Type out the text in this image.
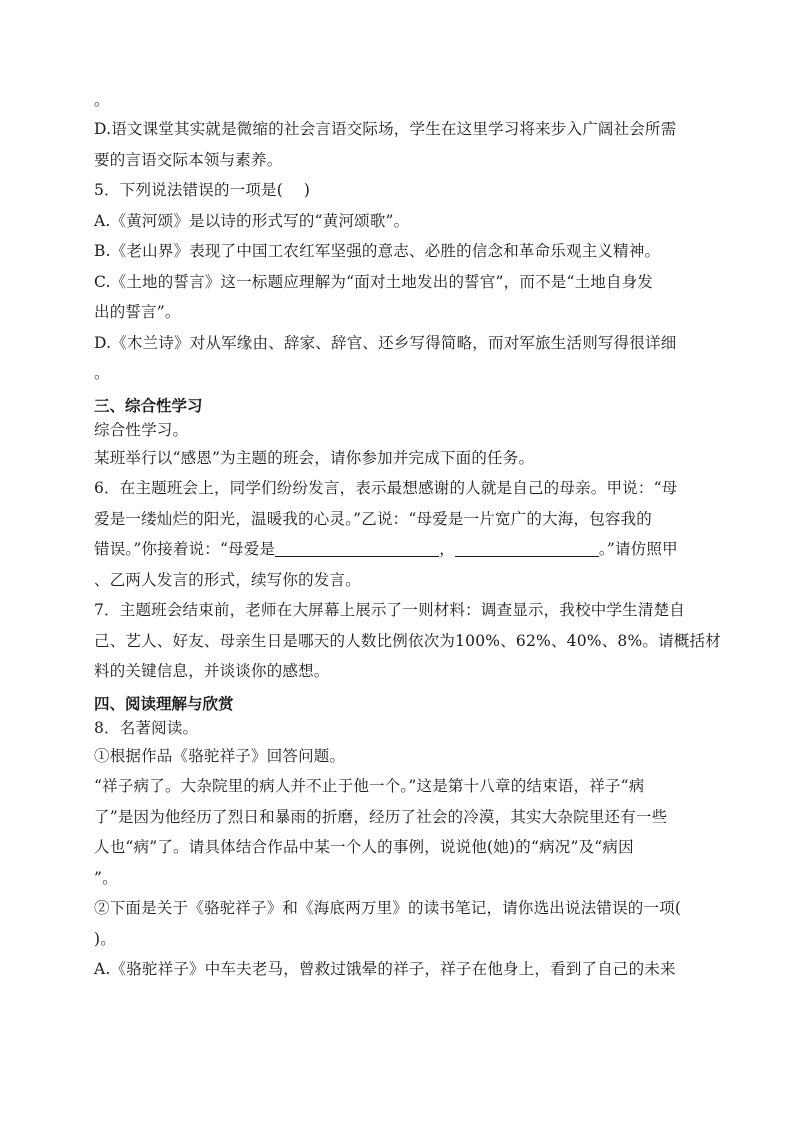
。
D.语文课堂其实就是微缩的社会言语交际场，学生在这里学习将来步入广阔社会所需
要的言语交际本领与素养。
5．下列说法错误的一项是(　 )
A.《黄河颂》是以诗的形式写的“黄河颂歌”。
B.《老山界》表现了中国工农红军坚强的意志、必胜的信念和革命乐观主义精神。
C.《土地的誓言》这一标题应理解为“面对土地发出的誓官”，而不是“土地自身发
出的誓言”。
D.《木兰诗》对从军缘由、辞家、辞官、还乡写得简略，而对军旅生活则写得很详细
。
三、综合性学习
综合性学习。
某班举行以“感恩”为主题的班会，请你参加并完成下面的任务。
6．在主题班会上，同学们纷纷发言，表示最想感谢的人就是自己的母亲。甲说：“母
爱是一缕灿烂的阳光，温暖我的心灵。”乙说：“母爱是一片宽广的大海，包容我的
错误。”你接着说：“母爱是	，	。”请仿照甲
、乙两人发言的形式，续写你的发言。
7．主题班会结束前，老师在大屏幕上展示了一则材料：调查显示，我校中学生清楚自
己、艺人、好友、母亲生日是哪天的人数比例依次为100%、62%、40%、8%。请概括材
料的关键信息，并谈谈你的感想。
四、阅读理解与欣赏
8．名著阅读。
①根据作品《骆驼祥子》回答问题。
“祥子病了。大杂院里的病人并不止于他一个。”这是第十八章的结束语，祥子“病
了”是因为他经历了烈日和暴雨的折磨，经历了社会的冷漠，其实大杂院里还有一些
人也“病”了。请具体结合作品中某一个人的事例，说说他(她)的“病况”及“病因
”。
②下面是关于《骆驼祥子》和《海底两万里》的读书笔记，请你选出说法错误的一项(
)。
A.《骆驼祥子》中车夫老马，曾救过饿晕的祥子，祥子在他身上，看到了自己的未来
